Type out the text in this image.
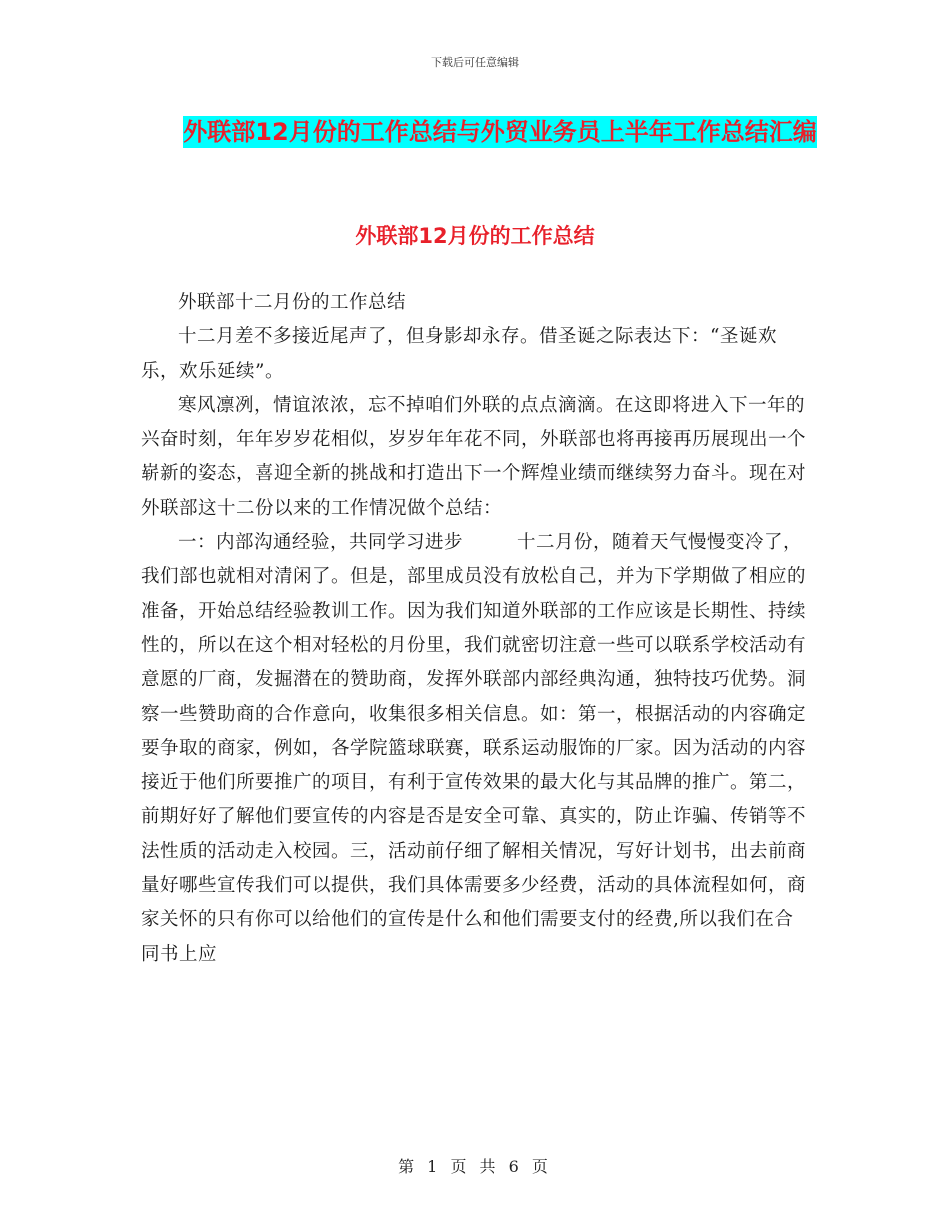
下载后可任意编辑
外联部12月份的工作总结与外贸业务员上半年工作总结汇编
外联部12月份的工作总结

外联部十二月份的工作总结

十二月差不多接近尾声了，但身影却永存。借圣诞之际表达下：“圣诞欢乐，欢乐延续”。

寒风凛冽，情谊浓浓，忘不掉咱们外联的点点滴滴。在这即将进入下一年的兴奋时刻，年年岁岁花相似，岁岁年年花不同，外联部也将再接再历展现出一个崭新的姿态，喜迎全新的挑战和打造出下一个辉煌业绩而继续努力奋斗。现在对外联部这十二份以来的工作情况做个总结：

一：内部沟通经验，共同学习进步	十二月份，随着天气慢慢变冷了，我们部也就相对清闲了。但是，部里成员没有放松自己，并为下学期做了相应的准备，开始总结经验教训工作。因为我们知道外联部的工作应该是长期性、持续性的，所以在这个相对轻松的月份里，我们就密切注意一些可以联系学校活动有意愿的厂商，发掘潜在的赞助商，发挥外联部内部经典沟通，独特技巧优势。洞察一些赞助商的合作意向，收集很多相关信息。如：第一，根据活动的内容确定要争取的商家，例如，各学院篮球联赛，联系运动服饰的厂家。因为活动的内容接近于他们所要推广的项目，有利于宣传效果的最大化与其品牌的推广。第二，前期好好了解他们要宣传的内容是否是安全可靠、真实的，防止诈骗、传销等不法性质的活动走入校园。三，活动前仔细了解相关情况，写好计划书，出去前商量好哪些宣传我们可以提供，我们具体需要多少经费，活动的具体流程如何，商家关怀的只有你可以给他们的宣传是什么和他们需要支付的经费,所以我们在合同书上应

第 1 页 共 6 页
